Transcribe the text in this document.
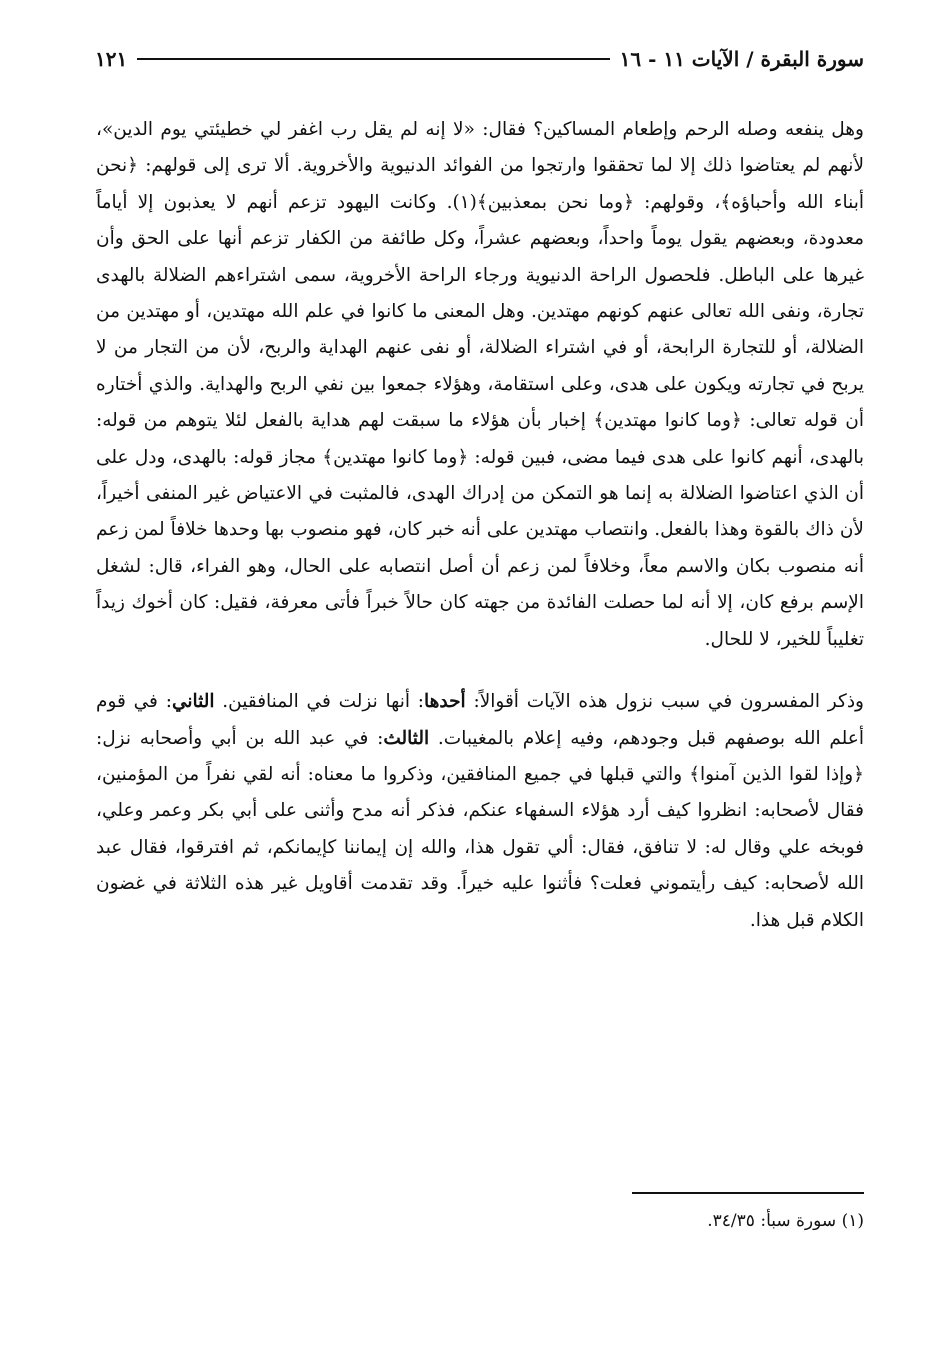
سورة البقرة / الآيات ١١ - ١٦
١٢١

وهل ينفعه وصله الرحم وإطعام المساكين؟ فقال: «لا إنه لم يقل رب اغفر لي خطيئتي يوم الدين»، لأنهم لم يعتاضوا ذلك إلا لما تحققوا وارتجوا من الفوائد الدنيوية والأخروية. ألا ترى إلى قولهم: ﴿نحن أبناء الله وأحباؤه﴾، وقولهم: ﴿وما نحن بمعذبين﴾(١). وكانت اليهود تزعم أنهم لا يعذبون إلا أياماً معدودة، وبعضهم يقول يوماً واحداً، وبعضهم عشراً، وكل طائفة من الكفار تزعم أنها على الحق وأن غيرها على الباطل. فلحصول الراحة الدنيوية ورجاء الراحة الأخروية، سمى اشتراءهم الضلالة بالهدى تجارة، ونفى الله تعالى عنهم كونهم مهتدين. وهل المعنى ما كانوا في علم الله مهتدين، أو مهتدين من الضلالة، أو للتجارة الرابحة، أو في اشتراء الضلالة، أو نفى عنهم الهداية والربح، لأن من التجار من لا يربح في تجارته ويكون على هدى، وعلى استقامة، وهؤلاء جمعوا بين نفي الربح والهداية. والذي أختاره أن قوله تعالى: ﴿وما كانوا مهتدين﴾ إخبار بأن هؤلاء ما سبقت لهم هداية بالفعل لئلا يتوهم من قوله: بالهدى، أنهم كانوا على هدى فيما مضى، فبين قوله: ﴿وما كانوا مهتدين﴾ مجاز قوله: بالهدى، ودل على أن الذي اعتاضوا الضلالة به إنما هو التمكن من إدراك الهدى، فالمثبت في الاعتياض غير المنفى أخيراً، لأن ذاك بالقوة وهذا بالفعل. وانتصاب مهتدين على أنه خبر كان، فهو منصوب بها وحدها خلافاً لمن زعم أنه منصوب بكان والاسم معاً، وخلافاً لمن زعم أن أصل انتصابه على الحال، وهو الفراء، قال: لشغل الإسم برفع كان، إلا أنه لما حصلت الفائدة من جهته كان حالاً خبراً فأتى معرفة، فقيل: كان أخوك زيداً تغليباً للخير، لا للحال.

وذكر المفسرون في سبب نزول هذه الآيات أقوالاً: أحدها: أنها نزلت في المنافقين. الثاني: في قوم أعلم الله بوصفهم قبل وجودهم، وفيه إعلام بالمغيبات. الثالث: في عبد الله بن أبي وأصحابه نزل: ﴿وإذا لقوا الذين آمنوا﴾ والتي قبلها في جميع المنافقين، وذكروا ما معناه: أنه لقي نفراً من المؤمنين، فقال لأصحابه: انظروا كيف أرد هؤلاء السفهاء عنكم، فذكر أنه مدح وأثنى على أبي بكر وعمر وعلي، فوبخه علي وقال له: لا تنافق، فقال: ألي تقول هذا، والله إن إيماننا كإيمانكم، ثم افترقوا، فقال عبد الله لأصحابه: كيف رأيتموني فعلت؟ فأثنوا عليه خيراً. وقد تقدمت أقاويل غير هذه الثلاثة في غضون الكلام قبل هذا.

(١) سورة سبأ: ٣٤/٣٥.
